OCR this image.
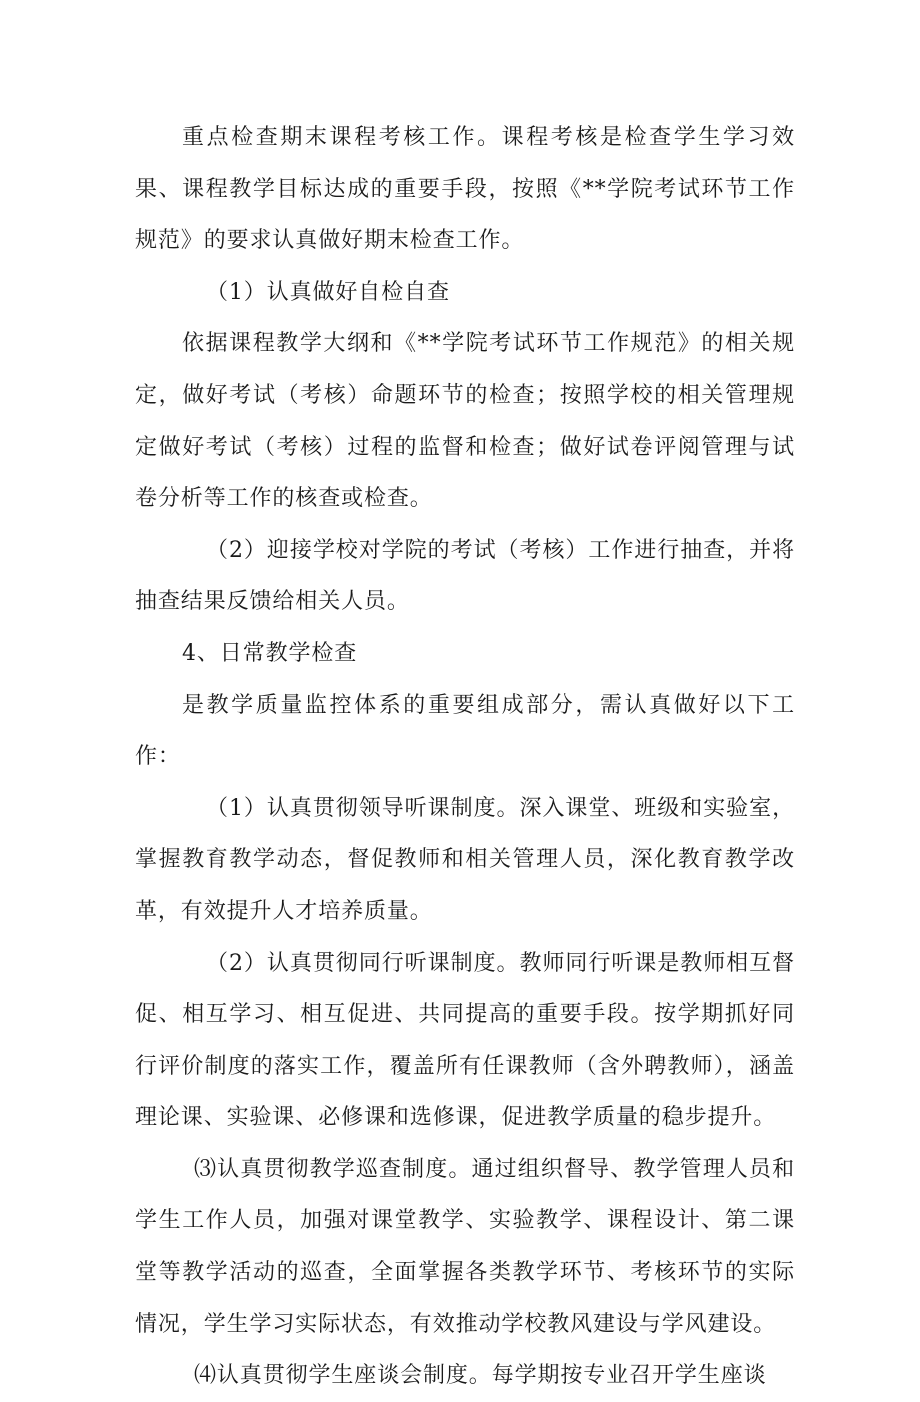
重点检查期末课程考核工作。课程考核是检查学生学习效果、课程教学目标达成的重要手段，按照《**学院考试环节工作规范》的要求认真做好期末检查工作。

（1）认真做好自检自查

依据课程教学大纲和《**学院考试环节工作规范》的相关规定，做好考试（考核）命题环节的检查；按照学校的相关管理规定做好考试（考核）过程的监督和检查；做好试卷评阅管理与试卷分析等工作的核查或检查。

（2）迎接学校对学院的考试（考核）工作进行抽查，并将抽查结果反馈给相关人员。

4、日常教学检查

是教学质量监控体系的重要组成部分，需认真做好以下工作：

（1）认真贯彻领导听课制度。深入课堂、班级和实验室，掌握教育教学动态，督促教师和相关管理人员，深化教育教学改革，有效提升人才培养质量。

（2）认真贯彻同行听课制度。教师同行听课是教师相互督促、相互学习、相互促进、共同提高的重要手段。按学期抓好同行评价制度的落实工作，覆盖所有任课教师（含外聘教师），涵盖理论课、实验课、必修课和选修课，促进教学质量的稳步提升。

⑶认真贯彻教学巡查制度。通过组织督导、教学管理人员和学生工作人员，加强对课堂教学、实验教学、课程设计、第二课堂等教学活动的巡查，全面掌握各类教学环节、考核环节的实际情况，学生学习实际状态，有效推动学校教风建设与学风建设。

⑷认真贯彻学生座谈会制度。每学期按专业召开学生座谈
